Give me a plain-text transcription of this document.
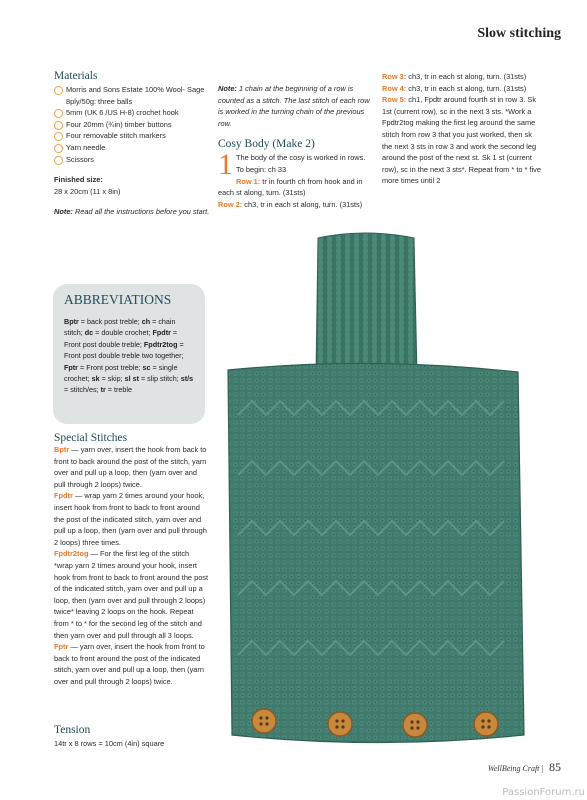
Slow stitching
Materials
Morris and Sons Estate 100% Wool- Sage 8ply/50g: three balls
5mm (UK 6 /US H-8) crochet hook
Four 20mm (¾in) timber buttons
Four removable stitch markers
Yarn needle
Scissors
Finished size:
28 x 20cm (11 x 8in)
Note: Read all the instructions before you start.
Note: 1 chain at the beginning of a row is counted as a stitch. The last stitch of each row is worked in the turning chain of the previous row.
Cosy Body (Make 2)
1 The body of the cosy is worked in rows. To begin: ch 33
Row 1: tr in fourth ch from hook and in each st along, turn. (31sts)
Row 2: ch3, tr in each st along, turn. (31sts)
Row 3: ch3, tr in each st along, turn. (31sts)
Row 4: ch3, tr in each st along, turn. (31sts)
Row 5: ch1, Fpdtr around fourth st in row 3. Sk 1st (current row), sc in the next 3 sts. *Work a Fpdtr2tog making the first leg around the same stitch from row 3 that you just worked, then sk the next 3 sts in row 3 and work the second leg around the post of the next st. Sk 1 st (current row), sc in the next 3 sts*. Repeat from * to * five more times until 2
ABBREVIATIONS
Bptr = back post treble; ch = chain stitch; dc = double crochet; Fpdtr = Front post double treble; Fpdtr2tog = Front post double treble two together; Fptr = Front post treble; sc = single crochet; sk = skip; sl st = slip stitch; st/s = stitch/es; tr = treble
Special Stitches
Bptr — yarn over, insert the hook from back to front to back around the post of the stitch, yarn over and pull up a loop, then (yarn over and pull through 2 loops) twice.
Fpdtr — wrap yarn 2 times around your hook, insert hook from front to back to front around the post of the indicated stitch, yarn over and pull up a loop, then (yarn over and pull through 2 loops) three times.
Fpdtr2tog — For the first leg of the stitch *wrap yarn 2 times around your hook, insert hook from front to back to front around the post of the indicated stitch, yarn over and pull up a loop, then (yarn over and pull through 2 loops) twice* leaving 2 loops on the hook. Repeat from * to * for the second leg of the stitch and then yarn over and pull through all 3 loops.
Fptr — yarn over, insert the hook from front to back to front around the post of the indicated stitch, yarn over and pull up a loop, then (yarn over and pull through 2 loops) twice.
Tension
14tr x 8 rows = 10cm (4in) square
WellBeing Craft | 85
PassionForum.ru
